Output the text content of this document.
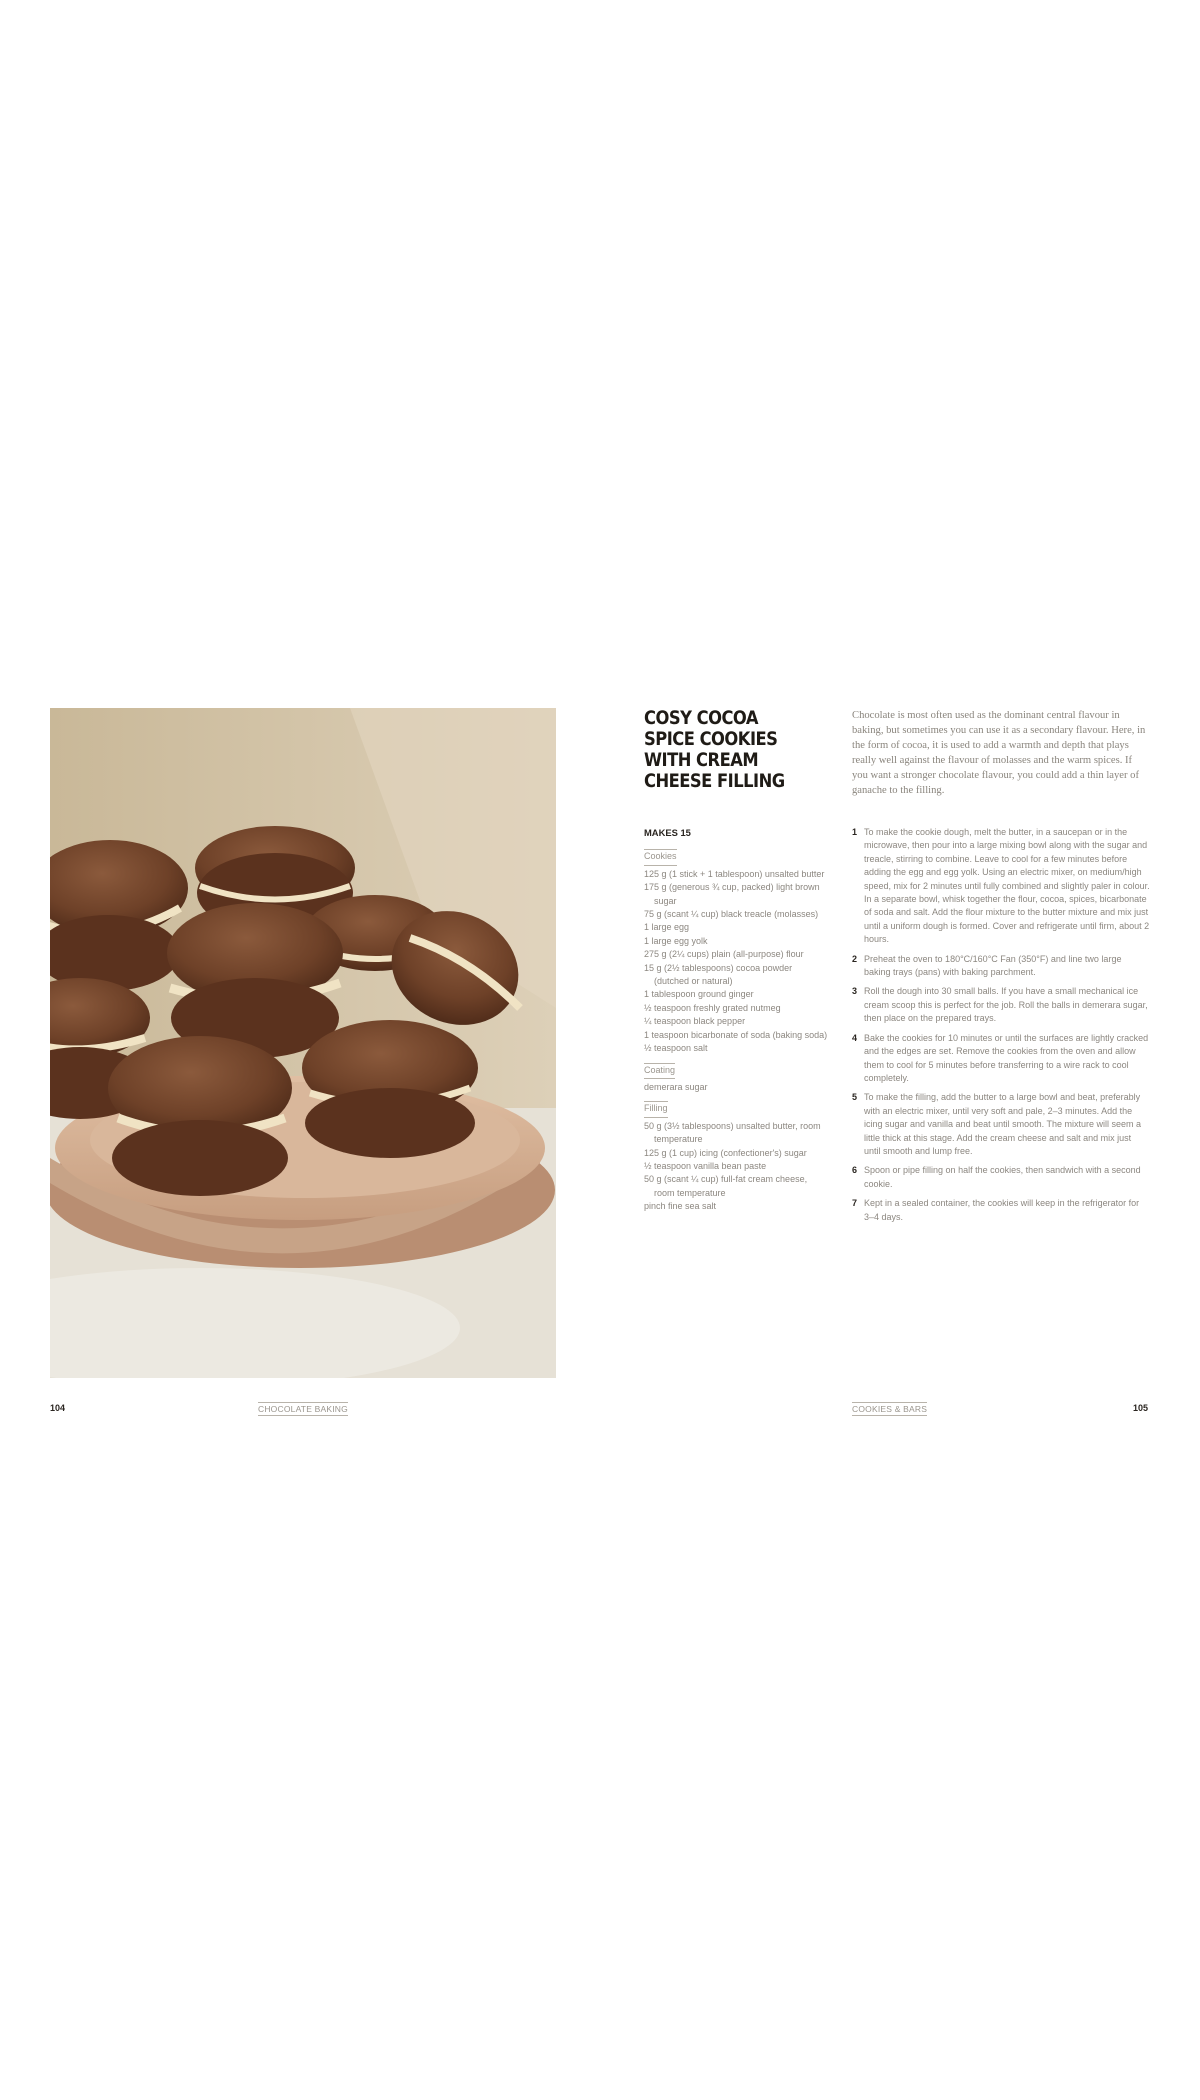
104	CHOCOLATE BAKING
COSY COCOA SPICE COOKIES WITH CREAM CHEESE FILLING

Chocolate is most often used as the dominant central flavour in baking, but sometimes you can use it as a secondary flavour. Here, in the form of cocoa, it is used to add a warmth and depth that plays really well against the flavour of molasses and the warm spices. If you want a stronger chocolate flavour, you could add a thin layer of ganache to the filling.

MAKES 15
Cookies
125 g (1 stick + 1 tablespoon) unsalted butter
175 g (generous ¾ cup, packed) light brown sugar
75 g (scant ¼ cup) black treacle (molasses)
1 large egg
1 large egg yolk
275 g (2¼ cups) plain (all-purpose) flour
15 g (2½ tablespoons) cocoa powder (dutched or natural)
1 tablespoon ground ginger
½ teaspoon freshly grated nutmeg
¼ teaspoon black pepper
1 teaspoon bicarbonate of soda (baking soda)
½ teaspoon salt
Coating
demerara sugar
Filling
50 g (3½ tablespoons) unsalted butter, room temperature
125 g (1 cup) icing (confectioner's) sugar
½ teaspoon vanilla bean paste
50 g (scant ¼ cup) full-fat cream cheese, room temperature
pinch fine sea salt
1 To make the cookie dough, melt the butter, in a saucepan or in the microwave, then pour into a large mixing bowl along with the sugar and treacle, stirring to combine. Leave to cool for a few minutes before adding the egg and egg yolk. Using an electric mixer, on medium/high speed, mix for 2 minutes until fully combined and slightly paler in colour. In a separate bowl, whisk together the flour, cocoa, spices, bicarbonate of soda and salt. Add the flour mixture to the butter mixture and mix just until a uniform dough is formed. Cover and refrigerate until firm, about 2 hours.
2 Preheat the oven to 180°C/160°C Fan (350°F) and line two large baking trays (pans) with baking parchment.
3 Roll the dough into 30 small balls. If you have a small mechanical ice cream scoop this is perfect for the job. Roll the balls in demerara sugar, then place on the prepared trays.
4 Bake the cookies for 10 minutes or until the surfaces are lightly cracked and the edges are set. Remove the cookies from the oven and allow them to cool for 5 minutes before transferring to a wire rack to cool completely.
5 To make the filling, add the butter to a large bowl and beat, preferably with an electric mixer, until very soft and pale, 2–3 minutes. Add the icing sugar and vanilla and beat until smooth. The mixture will seem a little thick at this stage. Add the cream cheese and salt and mix just until smooth and lump free.
6 Spoon or pipe filling on half the cookies, then sandwich with a second cookie.
7 Kept in a sealed container, the cookies will keep in the refrigerator for 3–4 days.
COOKIES & BARS	105
